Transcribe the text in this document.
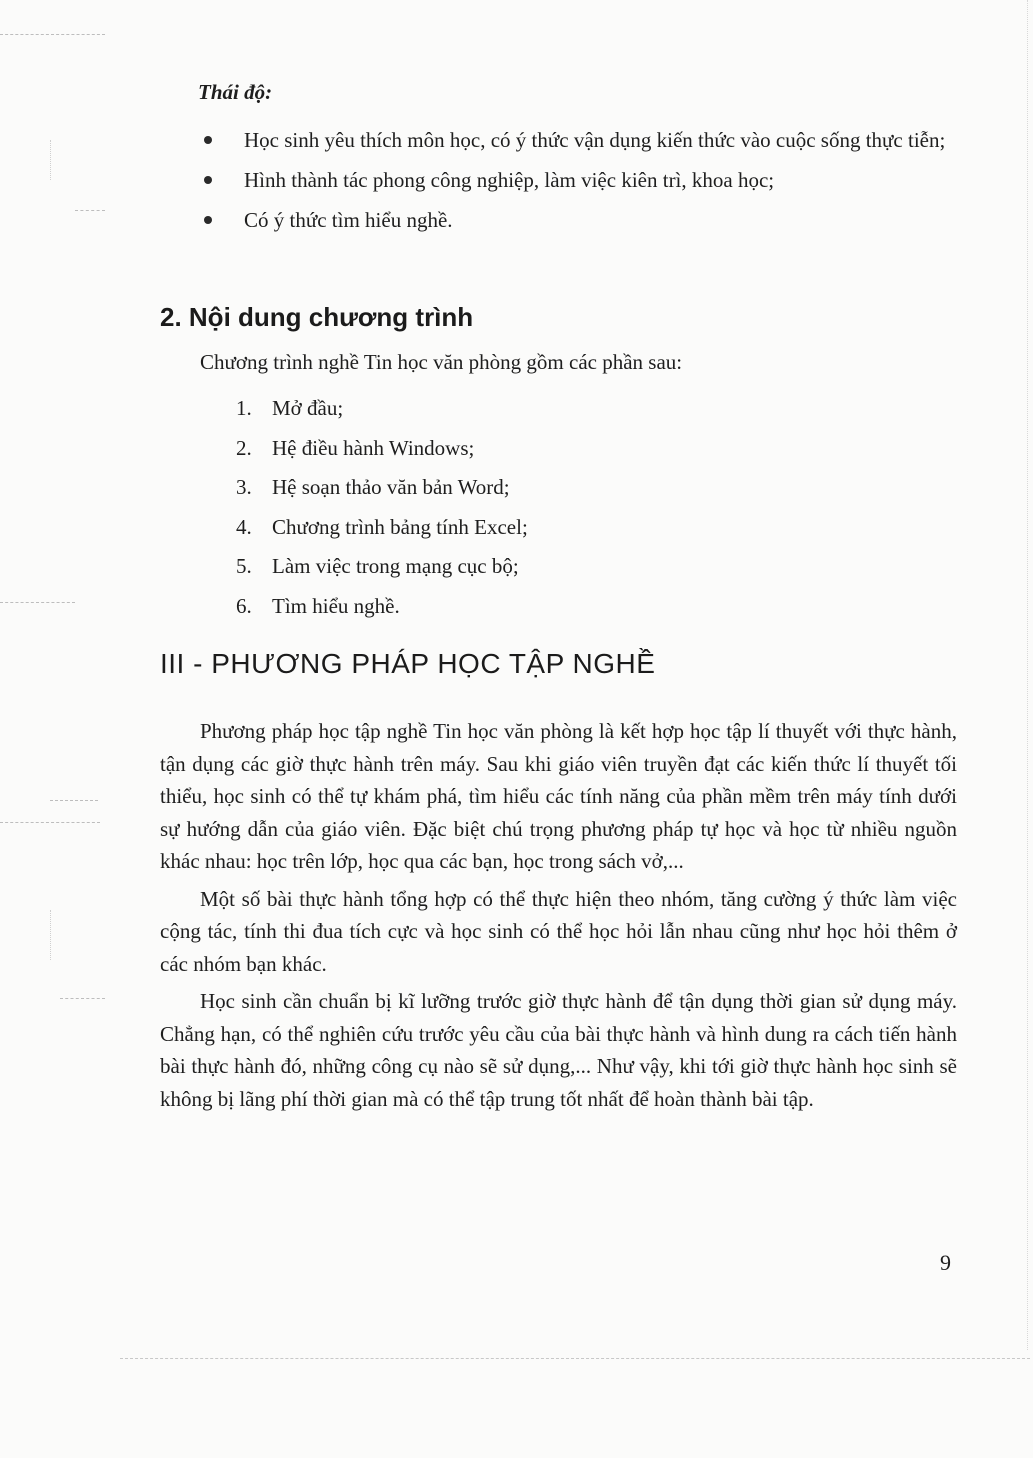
Thái độ:
Học sinh yêu thích môn học, có ý thức vận dụng kiến thức vào cuộc sống thực tiễn;
Hình thành tác phong công nghiệp, làm việc kiên trì, khoa học;
Có ý thức tìm hiểu nghề.
2. Nội dung chương trình
Chương trình nghề Tin học văn phòng gồm các phần sau:
1. Mở đầu;
2. Hệ điều hành Windows;
3. Hệ soạn thảo văn bản Word;
4. Chương trình bảng tính Excel;
5. Làm việc trong mạng cục bộ;
6. Tìm hiểu nghề.
III - PHƯƠNG PHÁP HỌC TẬP NGHỀ

Phương pháp học tập nghề Tin học văn phòng là kết hợp học tập lí thuyết với thực hành, tận dụng các giờ thực hành trên máy. Sau khi giáo viên truyền đạt các kiến thức lí thuyết tối thiểu, học sinh có thể tự khám phá, tìm hiểu các tính năng của phần mềm trên máy tính dưới sự hướng dẫn của giáo viên. Đặc biệt chú trọng phương pháp tự học và học từ nhiều nguồn khác nhau: học trên lớp, học qua các bạn, học trong sách vở,...

Một số bài thực hành tổng hợp có thể thực hiện theo nhóm, tăng cường ý thức làm việc cộng tác, tính thi đua tích cực và học sinh có thể học hỏi lẫn nhau cũng như học hỏi thêm ở các nhóm bạn khác.

Học sinh cần chuẩn bị kĩ lưỡng trước giờ thực hành để tận dụng thời gian sử dụng máy. Chẳng hạn, có thể nghiên cứu trước yêu cầu của bài thực hành và hình dung ra cách tiến hành bài thực hành đó, những công cụ nào sẽ sử dụng,... Như vậy, khi tới giờ thực hành học sinh sẽ không bị lãng phí thời gian mà có thể tập trung tốt nhất để hoàn thành bài tập.

9
